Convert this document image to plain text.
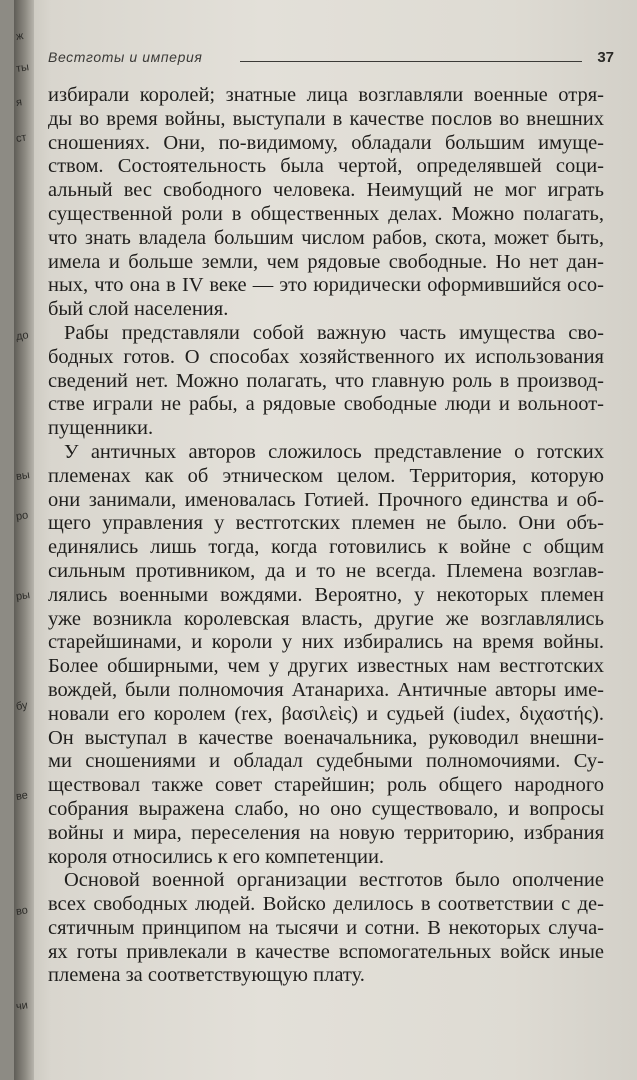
ж
ты
я
ст
до
вы
ро
ры
бу
ве
во
чи
Вестготы и империя	37
избирали королей; знатные лица возглавляли военные отря-
ды во время войны, выступали в качестве послов во внешних
сношениях. Они, по-видимому, обладали большим имуще-
ством. Состоятельность была чертой, определявшей соци-
альный вес свободного человека. Неимущий не мог играть
существенной роли в общественных делах. Можно полагать,
что знать владела большим числом рабов, скота, может быть,
имела и больше земли, чем рядовые свободные. Но нет дан-
ных, что она в IV веке — это юридически оформившийся осо-
бый слой населения.
Рабы представляли собой важную часть имущества сво-
бодных готов. О способах хозяйственного их использования
сведений нет. Можно полагать, что главную роль в производ-
стве играли не рабы, а рядовые свободные люди и вольноот-
пущенники.
У античных авторов сложилось представление о готских
племенах как об этническом целом. Территория, которую
они занимали, именовалась Готией. Прочного единства и об-
щего управления у вестготских племен не было. Они объ-
единялись лишь тогда, когда готовились к войне с общим
сильным противником, да и то не всегда. Племена возглав-
лялись военными вождями. Вероятно, у некоторых племен
уже возникла королевская власть, другие же возглавлялись
старейшинами, и короли у них избирались на время войны.
Более обширными, чем у других известных нам вестготских
вождей, были полномочия Атанариха. Античные авторы име-
новали его королем (rex, βασιλεὶς) и судьей (iudex, διχαστής).
Он выступал в качестве военачальника, руководил внешни-
ми сношениями и обладал судебными полномочиями. Су-
ществовал также совет старейшин; роль общего народного
собрания выражена слабо, но оно существовало, и вопросы
войны и мира, переселения на новую территорию, избрания
короля относились к его компетенции.
Основой военной организации вестготов было ополчение
всех свободных людей. Войско делилось в соответствии с де-
сятичным принципом на тысячи и сотни. В некоторых случа-
ях готы привлекали в качестве вспомогательных войск иные
племена за соответствующую плату.
